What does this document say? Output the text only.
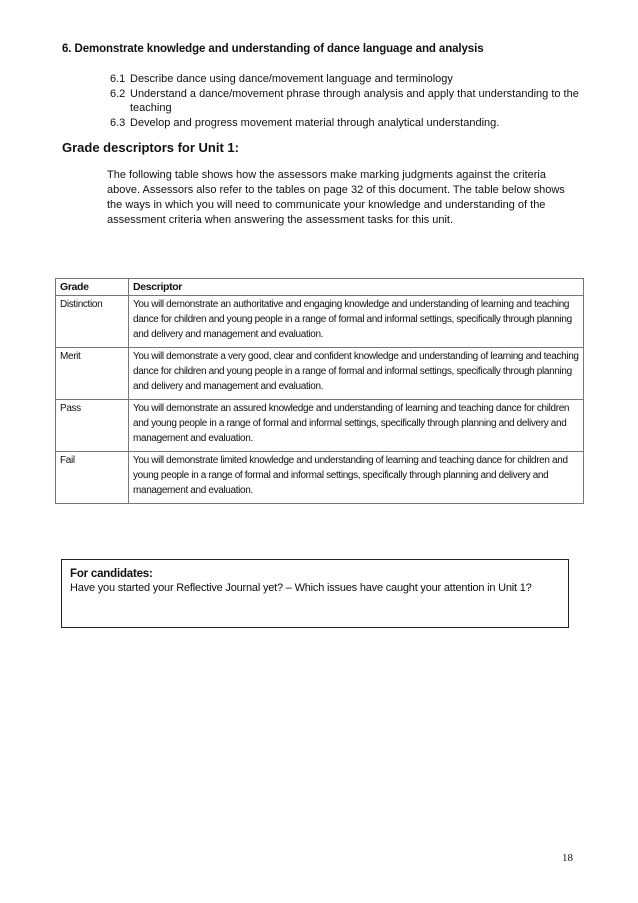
6. Demonstrate knowledge and understanding of dance language and analysis
6.1 Describe dance using dance/movement language and terminology
6.2 Understand a dance/movement phrase through analysis and apply that understanding to the teaching
6.3 Develop and progress movement material through analytical understanding.
Grade descriptors for Unit 1:
The following table shows how the assessors make marking judgments against the criteria above. Assessors also refer to the tables on page 32 of this document. The table below shows the ways in which you will need to communicate your knowledge and understanding of the assessment criteria when answering the assessment tasks for this unit.
Grade	Descriptor
Distinction	You will demonstrate an authoritative and engaging knowledge and understanding of learning and teaching dance for children and young people in a range of formal and informal settings, specifically through planning and delivery and management and evaluation.
Merit	You will demonstrate a very good, clear and confident knowledge and understanding of learning and teaching dance for children and young people in a range of formal and informal settings, specifically through planning and delivery and management and evaluation.
Pass	You will demonstrate an assured knowledge and understanding of learning and teaching dance for children and young people in a range of formal and informal settings, specifically through planning and delivery and management and evaluation.
Fail	You will demonstrate limited knowledge and understanding of learning and teaching dance for children and young people in a range of formal and informal settings, specifically through planning and delivery and management and evaluation.
For candidates:
Have you started your Reflective Journal yet? – Which issues have caught your attention in Unit 1?
18
